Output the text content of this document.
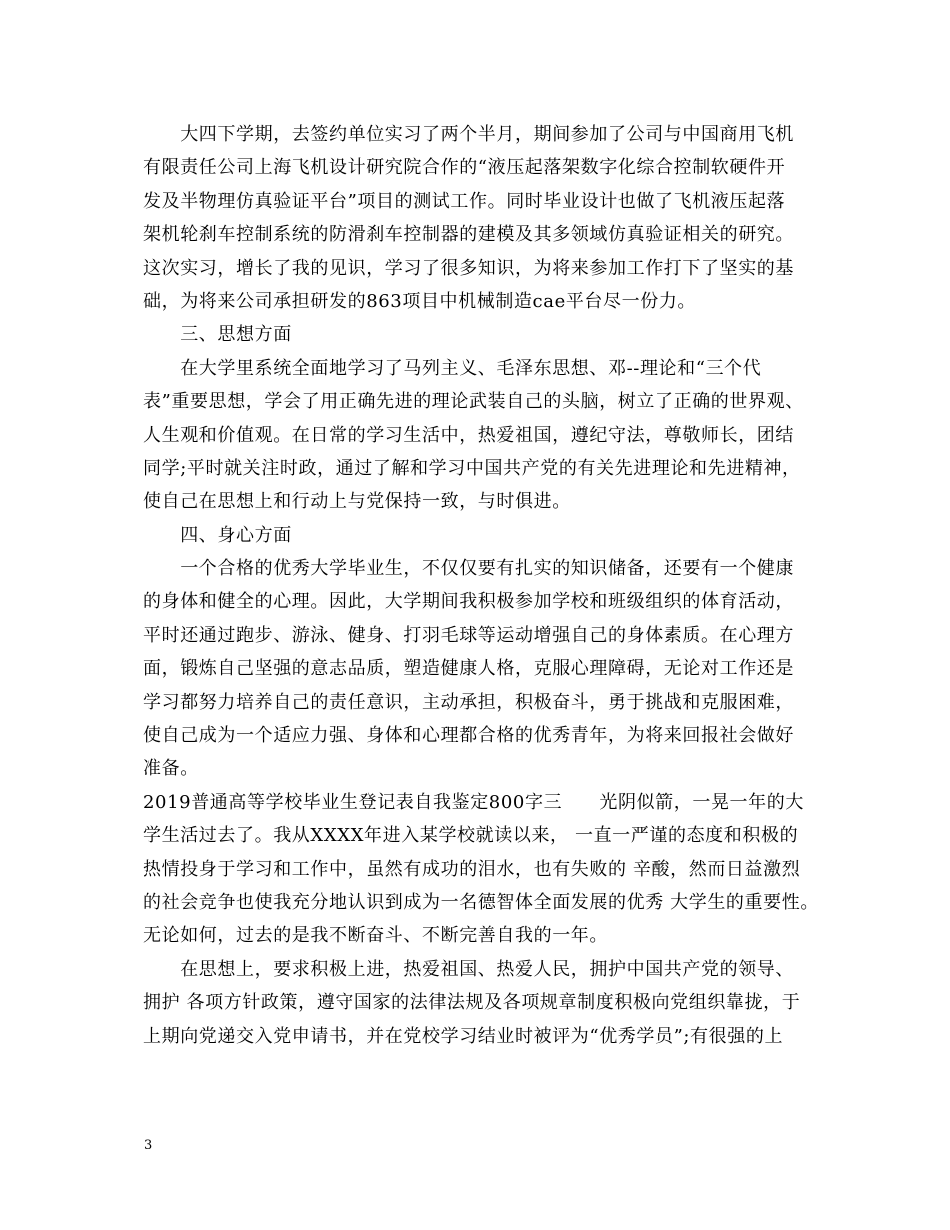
　　大四下学期，去签约单位实习了两个半月，期间参加了公司与中国商用飞机
有限责任公司上海飞机设计研究院合作的“液压起落架数字化综合控制软硬件开
发及半物理仿真验证平台”项目的测试工作。同时毕业设计也做了飞机液压起落
架机轮刹车控制系统的防滑刹车控制器的建模及其多领域仿真验证相关的研究。
这次实习，增长了我的见识，学习了很多知识，为将来参加工作打下了坚实的基
础，为将来公司承担研发的863项目中机械制造cae平台尽一份力。
　　三、思想方面
　　在大学里系统全面地学习了马列主义、毛泽东思想、邓--理论和“三个代
表”重要思想，学会了用正确先进的理论武装自己的头脑，树立了正确的世界观、
人生观和价值观。在日常的学习生活中，热爱祖国，遵纪守法，尊敬师长，团结
同学;平时就关注时政，通过了解和学习中国共产党的有关先进理论和先进精神，
使自己在思想上和行动上与党保持一致，与时俱进。
　　四、身心方面
　　一个合格的优秀大学毕业生，不仅仅要有扎实的知识储备，还要有一个健康
的身体和健全的心理。因此，大学期间我积极参加学校和班级组织的体育活动，
平时还通过跑步、游泳、健身、打羽毛球等运动增强自己的身体素质。在心理方
面，锻炼自己坚强的意志品质，塑造健康人格，克服心理障碍，无论对工作还是
学习都努力培养自己的责任意识，主动承担，积极奋斗，勇于挑战和克服困难，
使自己成为一个适应力强、身体和心理都合格的优秀青年，为将来回报社会做好
准备。
2019普通高等学校毕业生登记表自我鉴定800字三　　光阴似箭，一晃一年的大
学生活过去了。我从XXXX年进入某学校就读以来， 一直一严谨的态度和积极的
热情投身于学习和工作中，虽然有成功的泪水，也有失败的 辛酸，然而日益激烈
的社会竞争也使我充分地认识到成为一名德智体全面发展的优秀 大学生的重要性。
无论如何，过去的是我不断奋斗、不断完善自我的一年。
　　在思想上，要求积极上进，热爱祖国、热爱人民，拥护中国共产党的领导、
拥护 各项方针政策，遵守国家的法律法规及各项规章制度积极向党组织靠拢，于
上期向党递交入党申请书，并在党校学习结业时被评为“优秀学员”;有很强的上
3
